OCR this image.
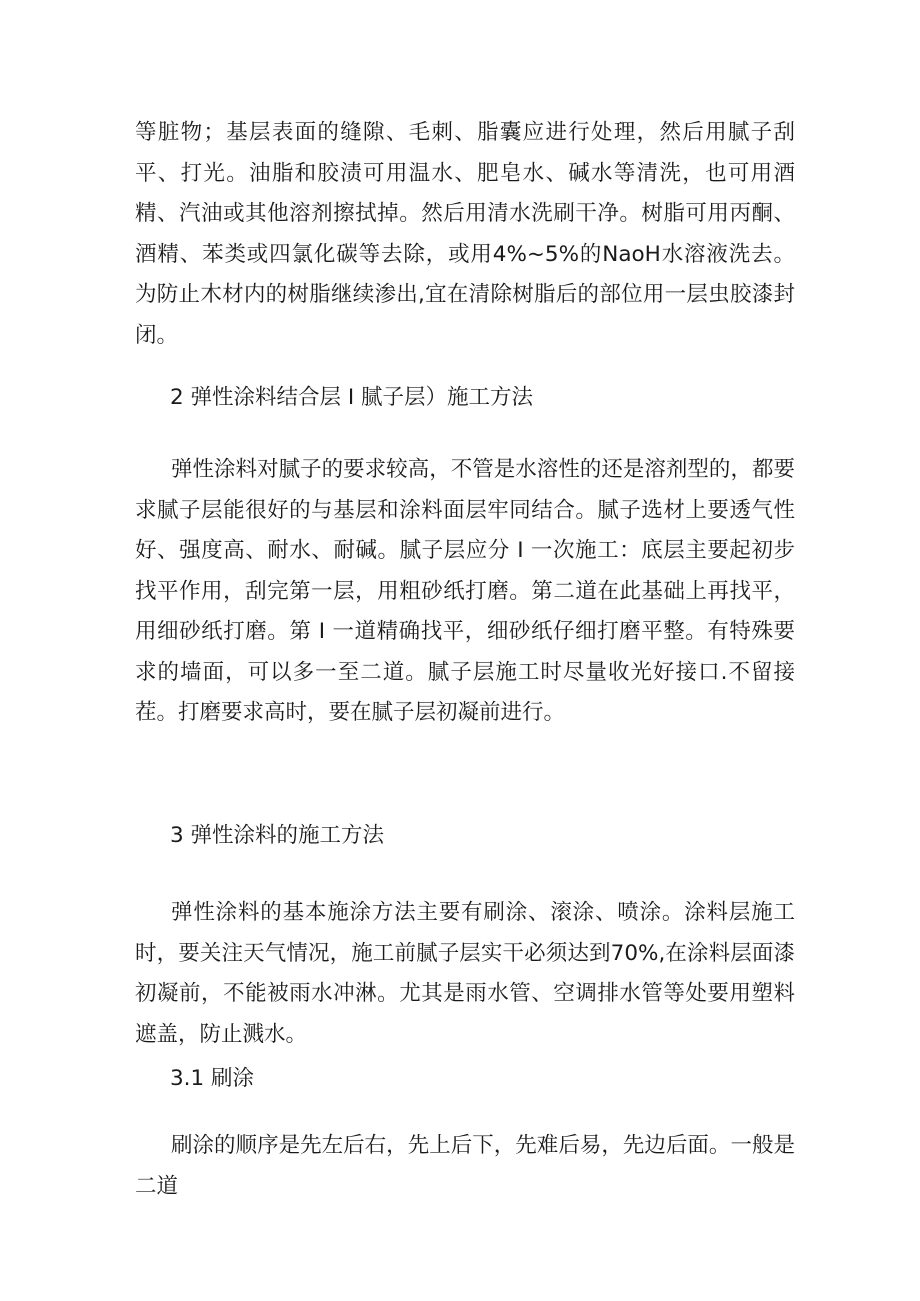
等脏物；基层表面的缝隙、毛刺、脂囊应进行处理，然后用腻子刮平、打光。油脂和胶渍可用温水、肥皂水、碱水等清洗，也可用酒精、汽油或其他溶剂擦拭掉。然后用清水洗刷干净。树脂可用丙酮、酒精、苯类或四氯化碳等去除，或用4%~5%的NaoH水溶液洗去。为防止木材内的树脂继续渗出,宜在清除树脂后的部位用一层虫胶漆封闭。

2 弹性涂料结合层 I 腻子层）施工方法

弹性涂料对腻子的要求较高，不管是水溶性的还是溶剂型的，都要求腻子层能很好的与基层和涂料面层牢同结合。腻子选材上要透气性好、强度高、耐水、耐碱。腻子层应分 I 一次施工：底层主要起初步找平作用，刮完第一层，用粗砂纸打磨。第二道在此基础上再找平，用细砂纸打磨。第 I 一道精确找平，细砂纸仔细打磨平整。有特殊要求的墙面，可以多一至二道。腻子层施工时尽量收光好接口.不留接茬。打磨要求高时，要在腻子层初凝前进行。

3 弹性涂料的施工方法

弹性涂料的基本施涂方法主要有刷涂、滚涂、喷涂。涂料层施工时，要关注天气情况，施工前腻子层实干必须达到70%,在涂料层面漆初凝前，不能被雨水冲淋。尤其是雨水管、空调排水管等处要用塑料遮盖，防止溅水。

3.1 刷涂

刷涂的顺序是先左后右，先上后下，先难后易，先边后面。一般是二道
